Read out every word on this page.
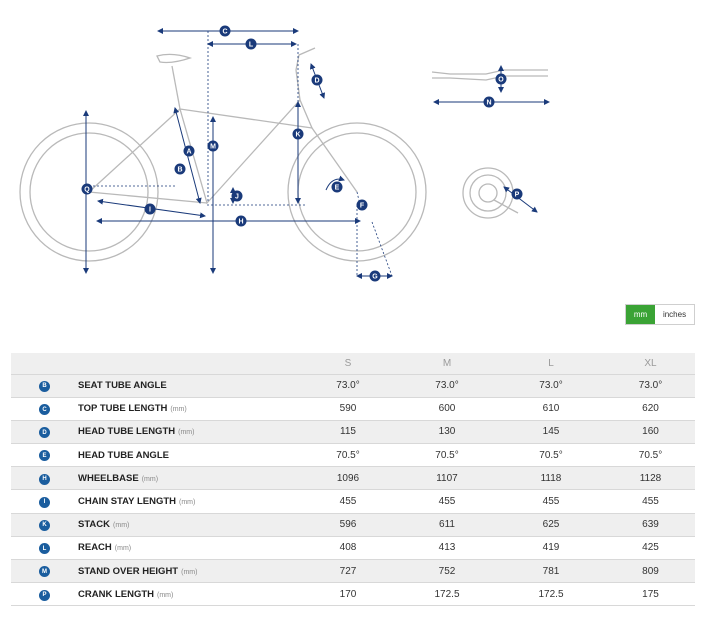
C
L
D	O
N
M
K
A
B
Q
J
E
F
I
H
G
P
mm	inches
		S	M	L	XL
B	SEAT TUBE ANGLE	73.0°	73.0°	73.0°	73.0°
C	TOP TUBE LENGTH (mm)	590	600	610	620
D	HEAD TUBE LENGTH (mm)	115	130	145	160
E	HEAD TUBE ANGLE	70.5°	70.5°	70.5°	70.5°
H	WHEELBASE (mm)	1096	1107	1118	1128
I	CHAIN STAY LENGTH (mm)	455	455	455	455
K	STACK (mm)	596	611	625	639
L	REACH (mm)	408	413	419	425
M	STAND OVER HEIGHT (mm)	727	752	781	809
P	CRANK LENGTH (mm)	170	172.5	172.5	175
